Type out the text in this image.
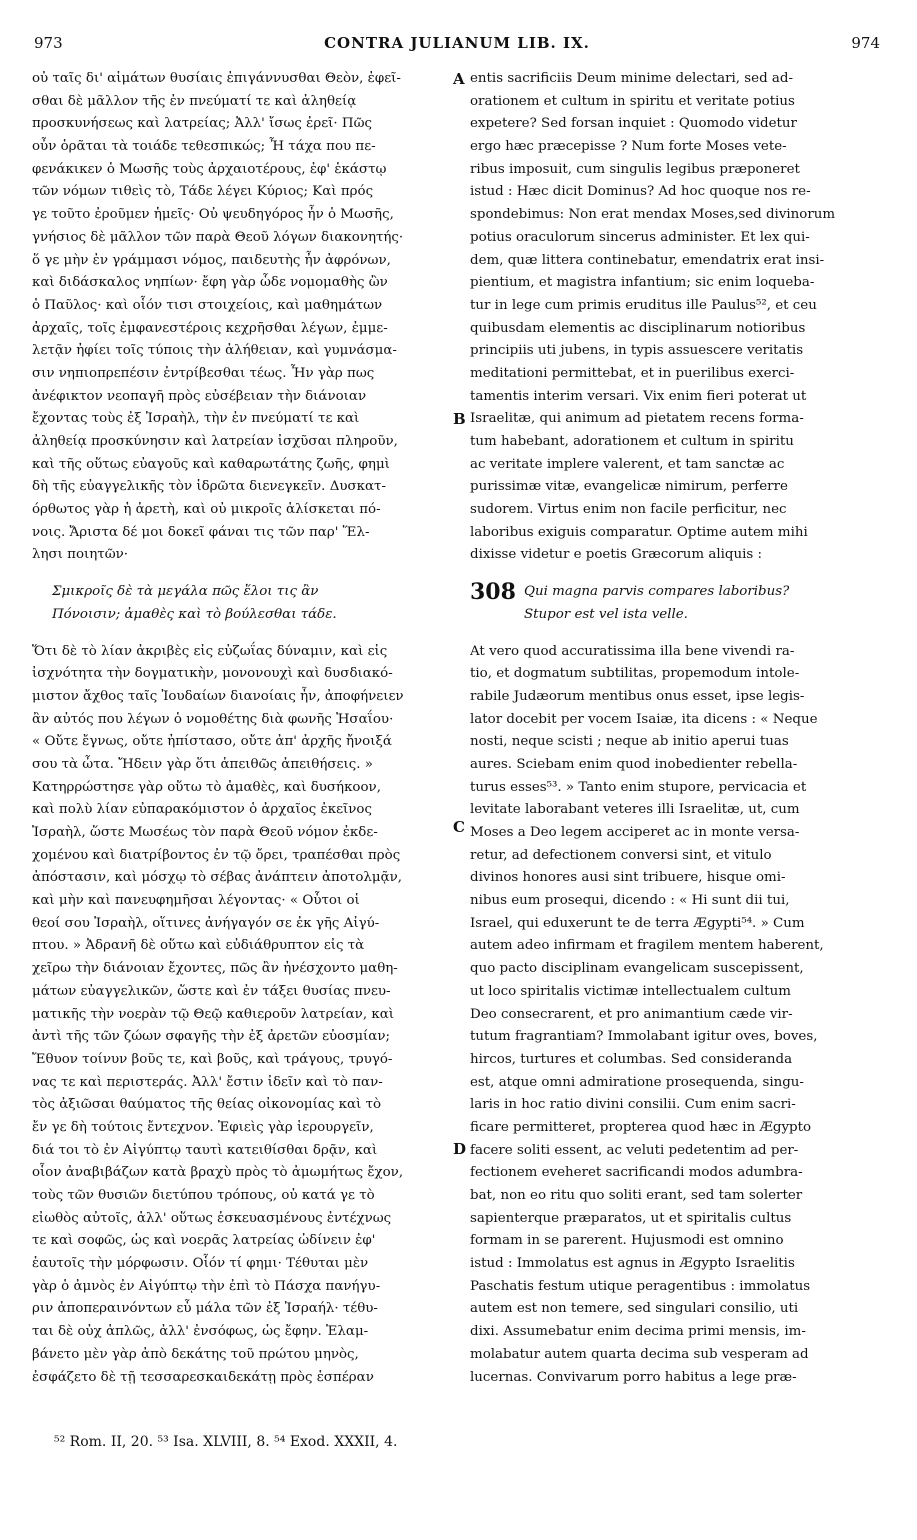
973	CONTRA JULIANUM LIB. IX.	974
οὐ ταῖς δι' αἱμάτων θυσίαις ἐπιγάννυσθαι Θεὸν, ἐφεῖ-
σθαι δὲ μᾶλλον τῆς ἐν πνεύματί τε καὶ ἀληθείᾳ
προσκυνήσεως καὶ λατρείας; Ἀλλ' ἴσως ἐρεῖ· Πῶς
οὖν ὁρᾶται τὰ τοιάδε τεθεσπικώς; Ἦ τάχα που πε-
φενάκικεν ὁ Μωσῆς τοὺς ἀρχαιοτέρους, ἐφ' ἑκάστῳ
τῶν νόμων τιθεὶς τὸ, Τάδε λέγει Κύριος; Καὶ πρός
γε τοῦτο ἐροῦμεν ἡμεῖς· Οὐ ψευδηγόρος ἦν ὁ Μωσῆς,
γνήσιος δὲ μᾶλλον τῶν παρὰ Θεοῦ λόγων διακονητής·
ὅ γε μὴν ἐν γράμμασι νόμος, παιδευτὴς ἦν ἀφρόνων,
καὶ διδάσκαλος νηπίων· ἔφη γὰρ ὧδε νομομαθὴς ὢν
ὁ Παῦλος· καὶ οἷόν τισι στοιχείοις, καὶ μαθημάτων
ἀρχαῖς, τοῖς ἐμφανεστέροις κεχρῆσθαι λέγων, ἐμμε-
λετᾷν ἠφίει τοῖς τύποις τὴν ἀλήθειαν, καὶ γυμνάσμα-
σιν νηπιοπρεπέσιν ἐντρίβεσθαι τέως. Ἦν γὰρ πως
ἀνέφικτον νεοπαγῆ πρὸς εὐσέβειαν τὴν διάνοιαν
ἔχοντας τοὺς ἐξ Ἰσραὴλ, τὴν ἐν πνεύματί τε καὶ
ἀληθείᾳ προσκύνησιν καὶ λατρείαν ἰσχῦσαι πληροῦν,
καὶ τῆς οὕτως εὐαγοῦς καὶ καθαρωτάτης ζωῆς, φημὶ
δὴ τῆς εὐαγγελικῆς τὸν ἱδρῶτα διενεγκεῖν. Δυσκατ-
όρθωτος γὰρ ἡ ἀρετὴ, καὶ οὐ μικροῖς ἁλίσκεται πό-
νοις. Ἄριστα δέ μοι δοκεῖ φάναι τις τῶν παρ' Ἕλ-
λησι ποιητῶν·
Σμικροῖς δὲ τὰ μεγάλα πῶς ἕλοι τις ἂν
Πόνοισιν; ἀμαθὲς καὶ τὸ βούλεσθαι τάδε.
Ὅτι δὲ τὸ λίαν ἀκριβὲς εἰς εὐζωΐας δύναμιν, καὶ εἰς
ἰσχνότητα τὴν δογματικὴν, μονονουχὶ καὶ δυσδιακό-
μιστον ἄχθος ταῖς Ἰουδαίων διανοίαις ἦν, ἀποφήνειεν
ἂν αὐτός που λέγων ὁ νομοθέτης διὰ φωνῆς Ἡσαΐου·
« Οὔτε ἔγνως, οὔτε ἠπίστασο, οὔτε ἀπ' ἀρχῆς ἤνοιξά
σου τὰ ὦτα. Ἤδειν γὰρ ὅτι ἀπειθῶς ἀπειθήσεις. »
Κατηρρώστησε γὰρ οὕτω τὸ ἀμαθὲς, καὶ δυσήκοον,
καὶ πολὺ λίαν εὐπαρακόμιστον ὁ ἀρχαῖος ἐκεῖνος
Ἰσραὴλ, ὥστε Μωσέως τὸν παρὰ Θεοῦ νόμον ἐκδε-
χομένου καὶ διατρίβοντος ἐν τῷ ὄρει, τραπέσθαι πρὸς
ἀπόστασιν, καὶ μόσχῳ τὸ σέβας ἀνάπτειν ἀποτολμᾷν,
καὶ μὴν καὶ πανευφημῆσαι λέγοντας· « Οὗτοι οἱ
θεοί σου Ἰσραὴλ, οἵτινες ἀνήγαγόν σε ἐκ γῆς Αἰγύ-
πτου. » Ἀδρανῆ δὲ οὕτω καὶ εὐδιάθρυπτον εἰς τὰ
χεῖρω τὴν διάνοιαν ἔχοντες, πῶς ἂν ἠνέσχοντο μαθη-
μάτων εὐαγγελικῶν, ὥστε καὶ ἐν τάξει θυσίας πνευ-
ματικῆς τὴν νοερὰν τῷ Θεῷ καθιεροῦν λατρείαν, καὶ
ἀντὶ τῆς τῶν ζώων σφαγῆς τὴν ἐξ ἀρετῶν εὐοσμίαν;
Ἔθυον τοίνυν βοῦς τε, καὶ βοῦς, καὶ τράγους, τρυγό-
νας τε καὶ περιστεράς. Ἀλλ' ἔστιν ἰδεῖν καὶ τὸ παν-
τὸς ἀξιῶσαι θαύματος τῆς θείας οἰκονομίας καὶ τὸ
ἔν γε δὴ τούτοις ἔντεχνον. Ἐφιεὶς γὰρ ἱερουργεῖν,
διά τοι τὸ ἐν Αἰγύπτῳ ταυτὶ κατειθίσθαι δρᾷν, καὶ
οἷον ἀναβιβάζων κατὰ βραχὺ πρὸς τὸ ἀμωμήτως ἔχον,
τοὺς τῶν θυσιῶν διετύπου τρόπους, οὐ κατά γε τὸ
εἰωθὸς αὐτοῖς, ἀλλ' οὕτως ἐσκευασμένους ἐντέχνως
τε καὶ σοφῶς, ὡς καὶ νοερᾶς λατρείας ὠδίνειν ἐφ'
ἑαυτοῖς τὴν μόρφωσιν. Οἷόν τί φημι· Τέθυται μὲν
γὰρ ὁ ἀμνὸς ἐν Αἰγύπτῳ τὴν ἐπὶ τὸ Πάσχα πανήγυ-
ριν ἀποπεραινόντων εὖ μάλα τῶν ἐξ Ἰσραήλ· τέθυ-
ται δὲ οὐχ ἁπλῶς, ἀλλ' ἐνσόφως, ὡς ἔφην. Ἐλαμ-
βάνετο μὲν γὰρ ἀπὸ δεκάτης τοῦ πρώτου μηνὸς,
ἐσφάζετο δὲ τῇ τεσσαρεσκαιδεκάτῃ πρὸς ἑσπέραν
entis sacrificiis Deum minime delectari, sed ad-
orationem et cultum in spiritu et veritate potius
expetere? Sed forsan inquiet : Quomodo videtur
ergo hæc præcepisse ? Num forte Moses vete-
ribus imposuit, cum singulis legibus præponeret
istud : Hæc dicit Dominus? Ad hoc quoque nos re-
spondebimus: Non erat mendax Moses,sed divinorum
potius oraculorum sincerus administer. Et lex qui-
dem, quæ littera continebatur, emendatrix erat insi-
pientium, et magistra infantium; sic enim loqueba-
tur in lege cum primis eruditus ille Paulus⁵², et ceu
quibusdam elementis ac disciplinarum notioribus
principiis uti jubens, in typis assuescere veritatis
meditationi permittebat, et in puerilibus exerci-
tamentis interim versari. Vix enim fieri poterat ut
Israelitæ, qui animum ad pietatem recens forma-
tum habebant, adorationem et cultum in spiritu
ac veritate implere valerent, et tam sanctæ ac
purissimæ vitæ, evangelicæ nimirum, perferre
sudorem. Virtus enim non facile perficitur, nec
laboribus exiguis comparatur. Optime autem mihi
dixisse videtur e poetis Græcorum aliquis :
308 Qui magna parvis compares laboribus?
Stupor est vel ista velle.
At vero quod accuratissima illa bene vivendi ra-
tio, et dogmatum subtilitas, propemodum intole-
rabile Judæorum mentibus onus esset, ipse legis-
lator docebit per vocem Isaiæ, ita dicens : « Neque
nosti, neque scisti ; neque ab initio aperui tuas
aures. Sciebam enim quod inobedienter rebella-
turus esses⁵³. » Tanto enim stupore, pervicacia et
levitate laborabant veteres illi Israelitæ, ut, cum
Moses a Deo legem acciperet ac in monte versa-
retur, ad defectionem conversi sint, et vitulo
divinos honores ausi sint tribuere, hisque omi-
nibus eum prosequi, dicendo : « Hi sunt dii tui,
Israel, qui eduxerunt te de terra Ægypti⁵⁴. » Cum
autem adeo infirmam et fragilem mentem haberent,
quo pacto disciplinam evangelicam suscepissent,
ut loco spiritalis victimæ intellectualem cultum
Deo consecrarent, et pro animantium cæde vir-
tutum fragrantiam? Immolabant igitur oves, boves,
hircos, turtures et columbas. Sed consideranda
est, atque omni admiratione prosequenda, singu-
laris in hoc ratio divini consilii. Cum enim sacri-
ficare permitteret, propterea quod hæc in Ægypto
facere soliti essent, ac veluti pedetentim ad per-
fectionem eveheret sacrificandi modos adumbra-
bat, non eo ritu quo soliti erant, sed tam solerter
sapienterque præparatos, ut et spiritalis cultus
formam in se parerent. Hujusmodi est omnino
istud : Immolatus est agnus in Ægypto Israelitis
Paschatis festum utique peragentibus : immolatus
autem est non temere, sed singulari consilio, uti
dixi. Assumebatur enim decima primi mensis, im-
molabatur autem quarta decima sub vesperam ad
lucernas. Convivarum porro habitus a lege præ-
A
B
C
D
⁵² Rom. II, 20. ⁵³ Isa. XLVIII, 8. ⁵⁴ Exod. XXXII, 4.
